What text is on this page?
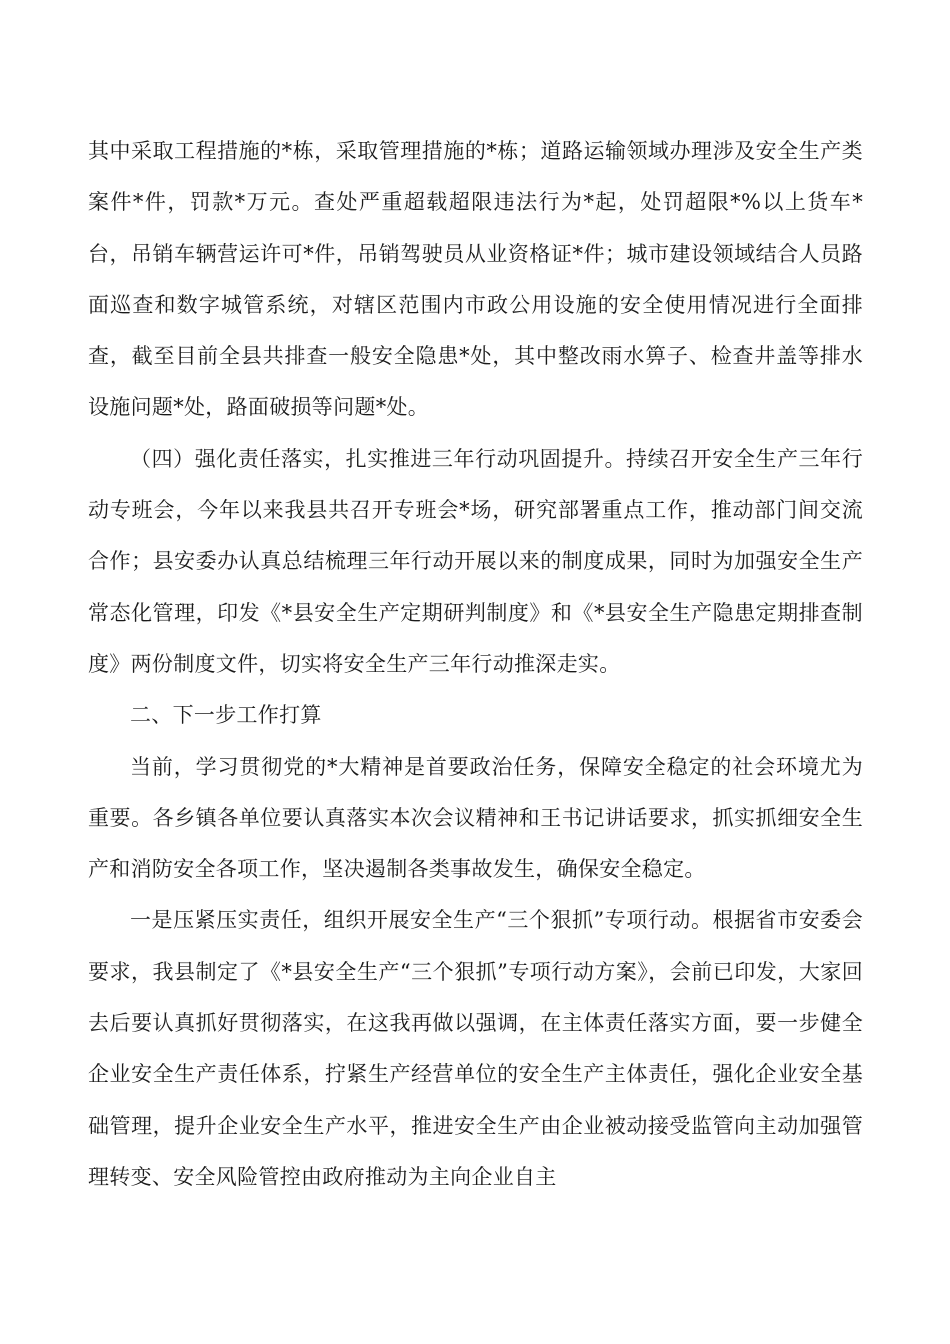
其中采取工程措施的*栋，采取管理措施的*栋；道路运输领域办理涉及安全生产类案件*件，罚款*万元。查处严重超载超限违法行为*起，处罚超限*%以上货车*台，吊销车辆营运许可*件，吊销驾驶员从业资格证*件；城市建设领域结合人员路面巡查和数字城管系统，对辖区范围内市政公用设施的安全使用情况进行全面排查，截至目前全县共排查一般安全隐患*处，其中整改雨水箅子、检查井盖等排水设施问题*处，路面破损等问题*处。

（四）强化责任落实，扎实推进三年行动巩固提升。持续召开安全生产三年行动专班会，今年以来我县共召开专班会*场，研究部署重点工作，推动部门间交流合作；县安委办认真总结梳理三年行动开展以来的制度成果，同时为加强安全生产常态化管理，印发《*县安全生产定期研判制度》和《*县安全生产隐患定期排查制度》两份制度文件，切实将安全生产三年行动推深走实。

二、下一步工作打算

当前，学习贯彻党的*大精神是首要政治任务，保障安全稳定的社会环境尤为重要。各乡镇各单位要认真落实本次会议精神和王书记讲话要求，抓实抓细安全生产和消防安全各项工作，坚决遏制各类事故发生，确保安全稳定。

一是压紧压实责任，组织开展安全生产“三个狠抓”专项行动。根据省市安委会要求，我县制定了《*县安全生产“三个狠抓”专项行动方案》，会前已印发，大家回去后要认真抓好贯彻落实，在这我再做以强调，在主体责任落实方面，要一步健全企业安全生产责任体系，拧紧生产经营单位的安全生产主体责任，强化企业安全基础管理，提升企业安全生产水平，推进安全生产由企业被动接受监管向主动加强管理转变、安全风险管控由政府推动为主向企业自主
